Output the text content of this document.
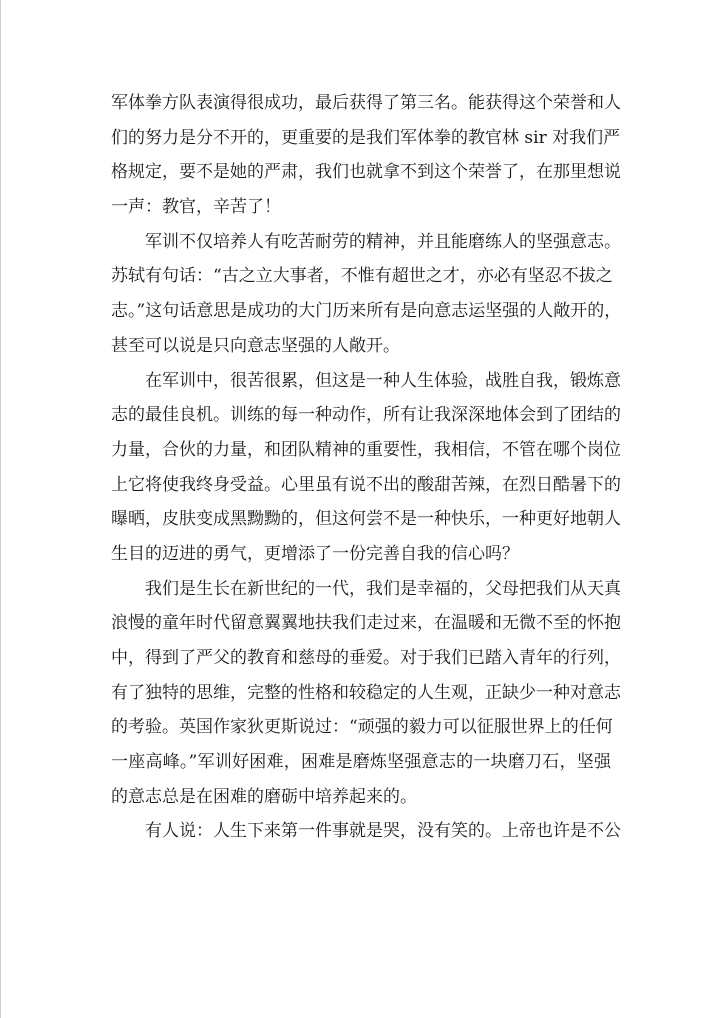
军体拳方队表演得很成功，最后获得了第三名。能获得这个荣誉和人
们的努力是分不开的，更重要的是我们军体拳的教官林 sir 对我们严
格规定，要不是她的严肃，我们也就拿不到这个荣誉了，在那里想说
一声：教官，辛苦了！
军训不仅培养人有吃苦耐劳的精神，并且能磨练人的坚强意志。
苏轼有句话：“古之立大事者，不惟有超世之才，亦必有坚忍不拔之
志。”这句话意思是成功的大门历来所有是向意志运坚强的人敞开的，
甚至可以说是只向意志坚强的人敞开。
在军训中，很苦很累，但这是一种人生体验，战胜自我，锻炼意
志的最佳良机。训练的每一种动作，所有让我深深地体会到了团结的
力量，合伙的力量，和团队精神的重要性，我相信，不管在哪个岗位
上它将使我终身受益。心里虽有说不出的酸甜苦辣，在烈日酷暑下的
曝晒，皮肤变成黑黝黝的，但这何尝不是一种快乐，一种更好地朝人
生目的迈进的勇气，更增添了一份完善自我的信心吗？
我们是生长在新世纪的一代，我们是幸福的，父母把我们从天真
浪慢的童年时代留意翼翼地扶我们走过来，在温暖和无微不至的怀抱
中，得到了严父的教育和慈母的垂爱。对于我们已踏入青年的行列，
有了独特的思维，完整的性格和较稳定的人生观，正缺少一种对意志
的考验。英国作家狄更斯说过：“顽强的毅力可以征服世界上的任何
一座高峰。”军训好困难，困难是磨炼坚强意志的一块磨刀石，坚强
的意志总是在困难的磨砺中培养起来的。
有人说：人生下来第一件事就是哭，没有笑的。上帝也许是不公
